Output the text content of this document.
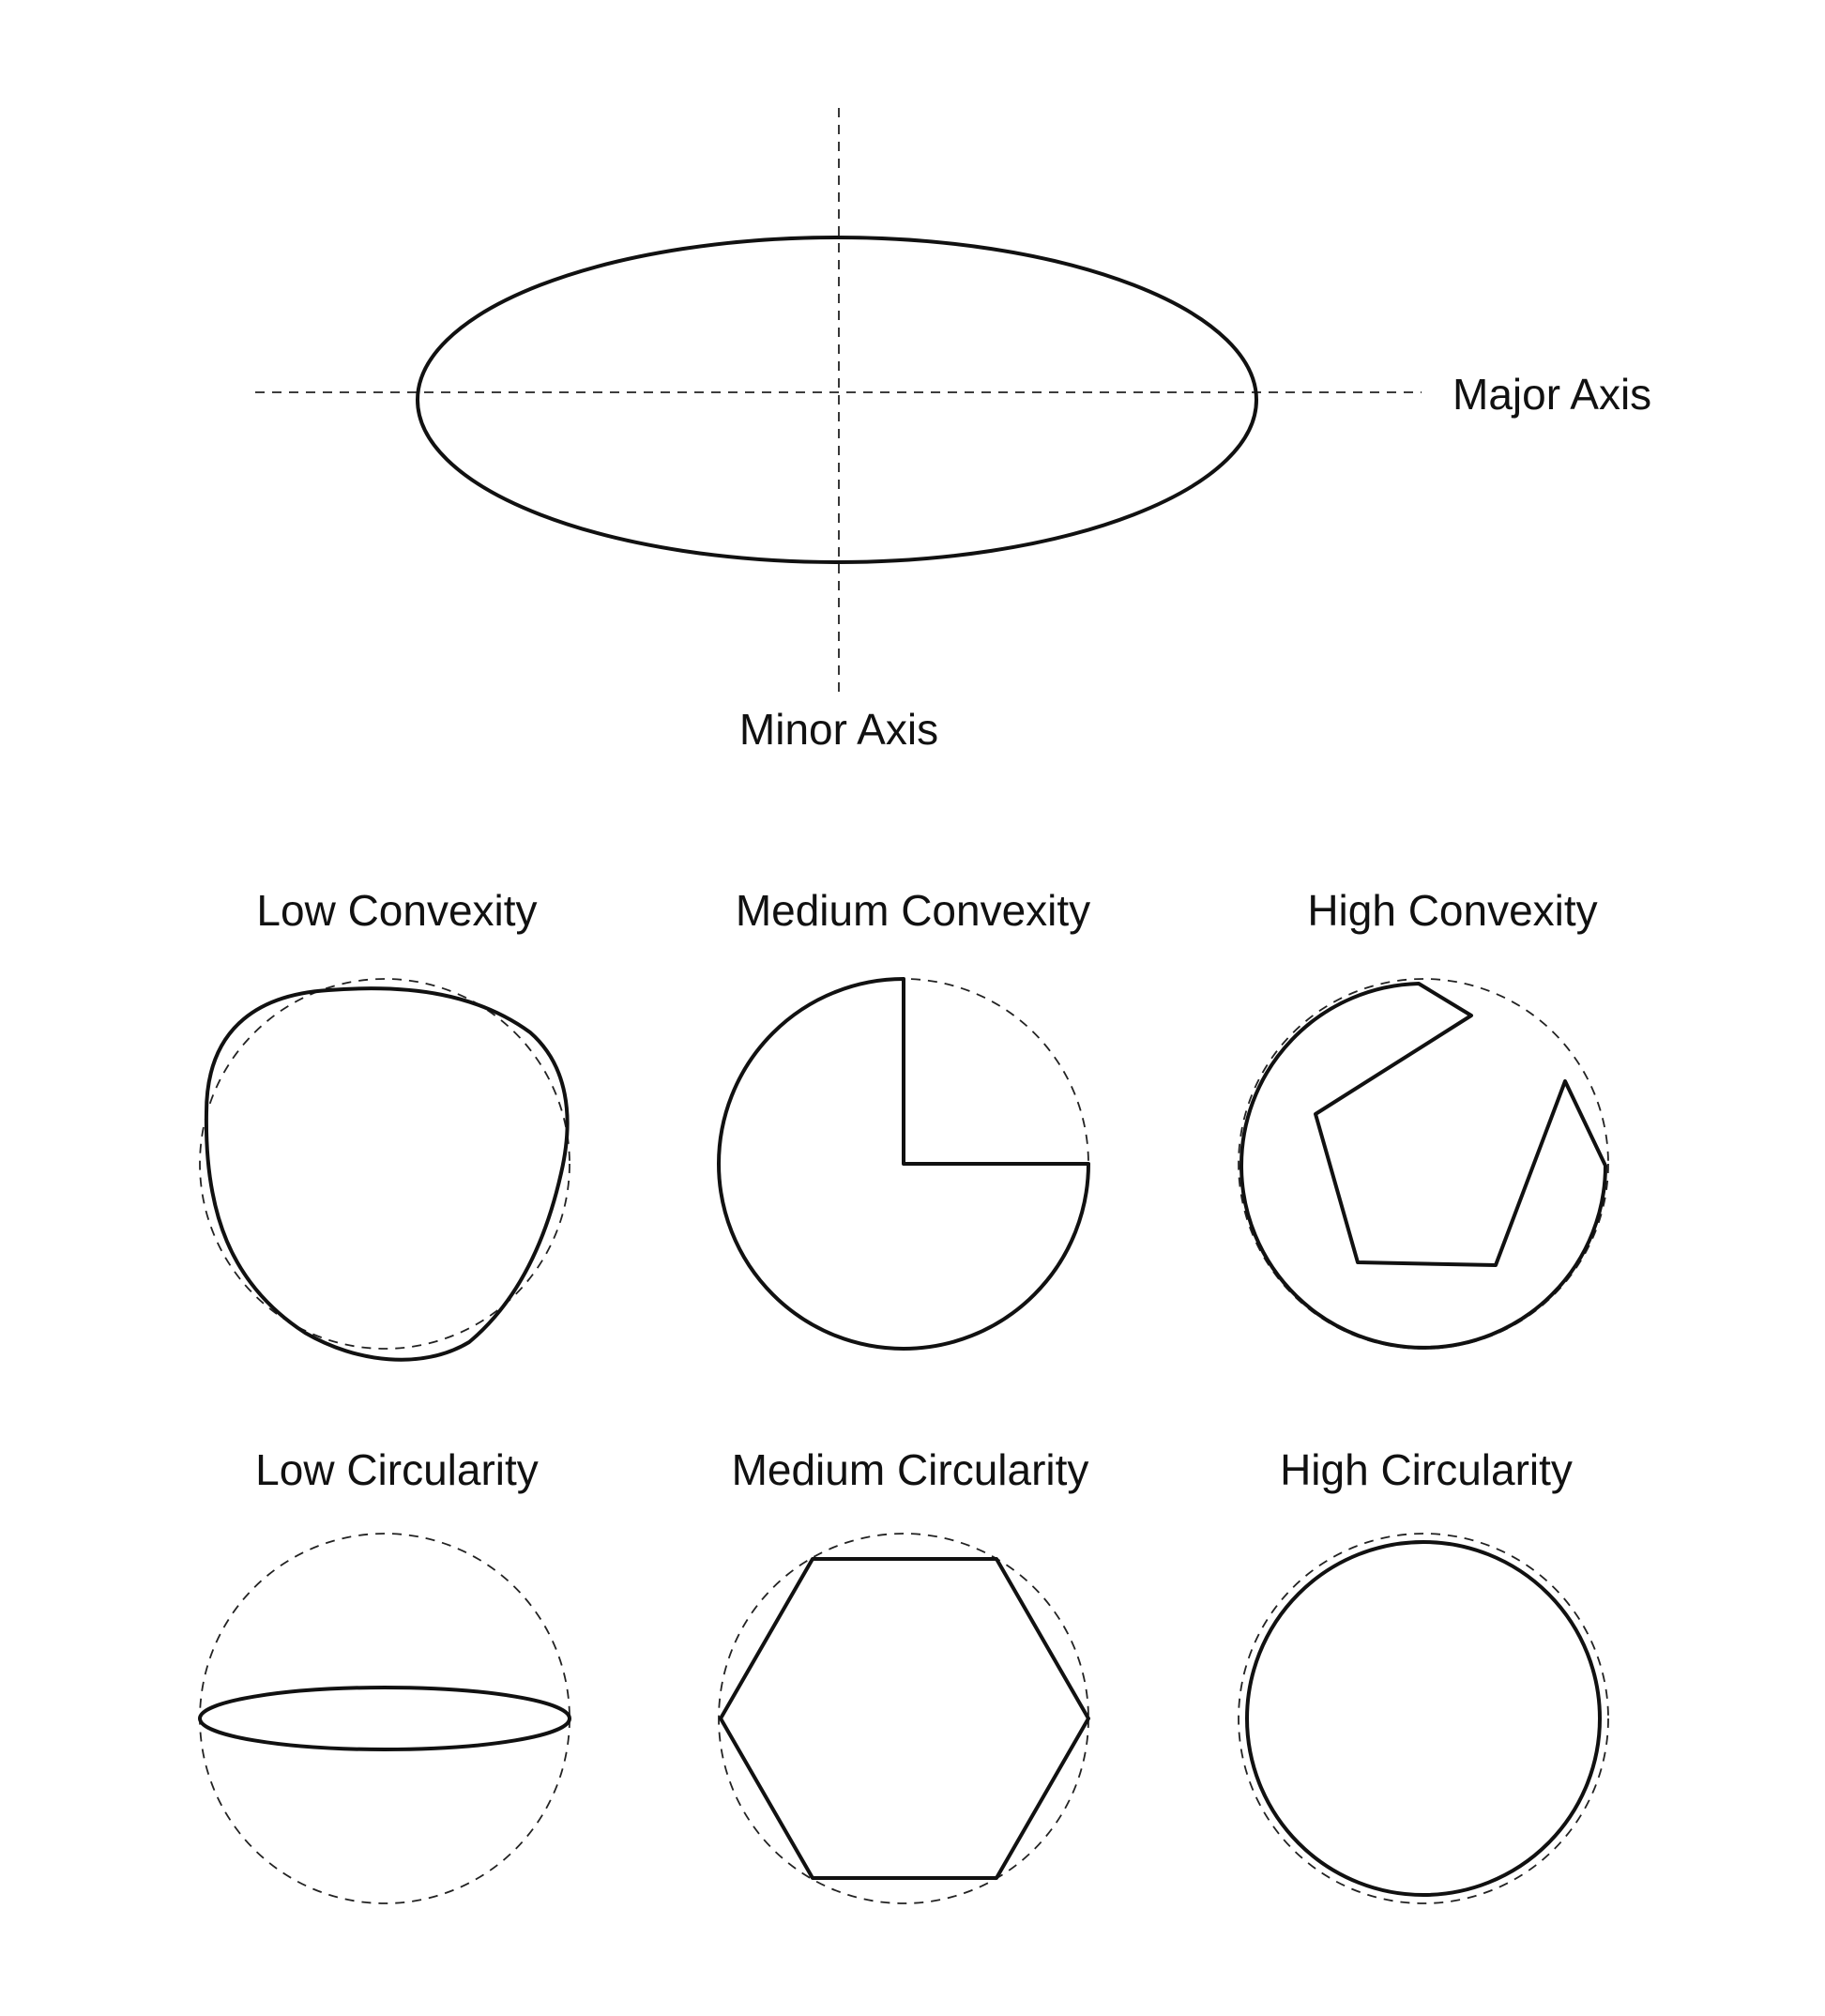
Major Axis
Minor Axis
Low Convexity	Medium Convexity	High Convexity
Low Circularity	Medium Circularity	High Circularity
